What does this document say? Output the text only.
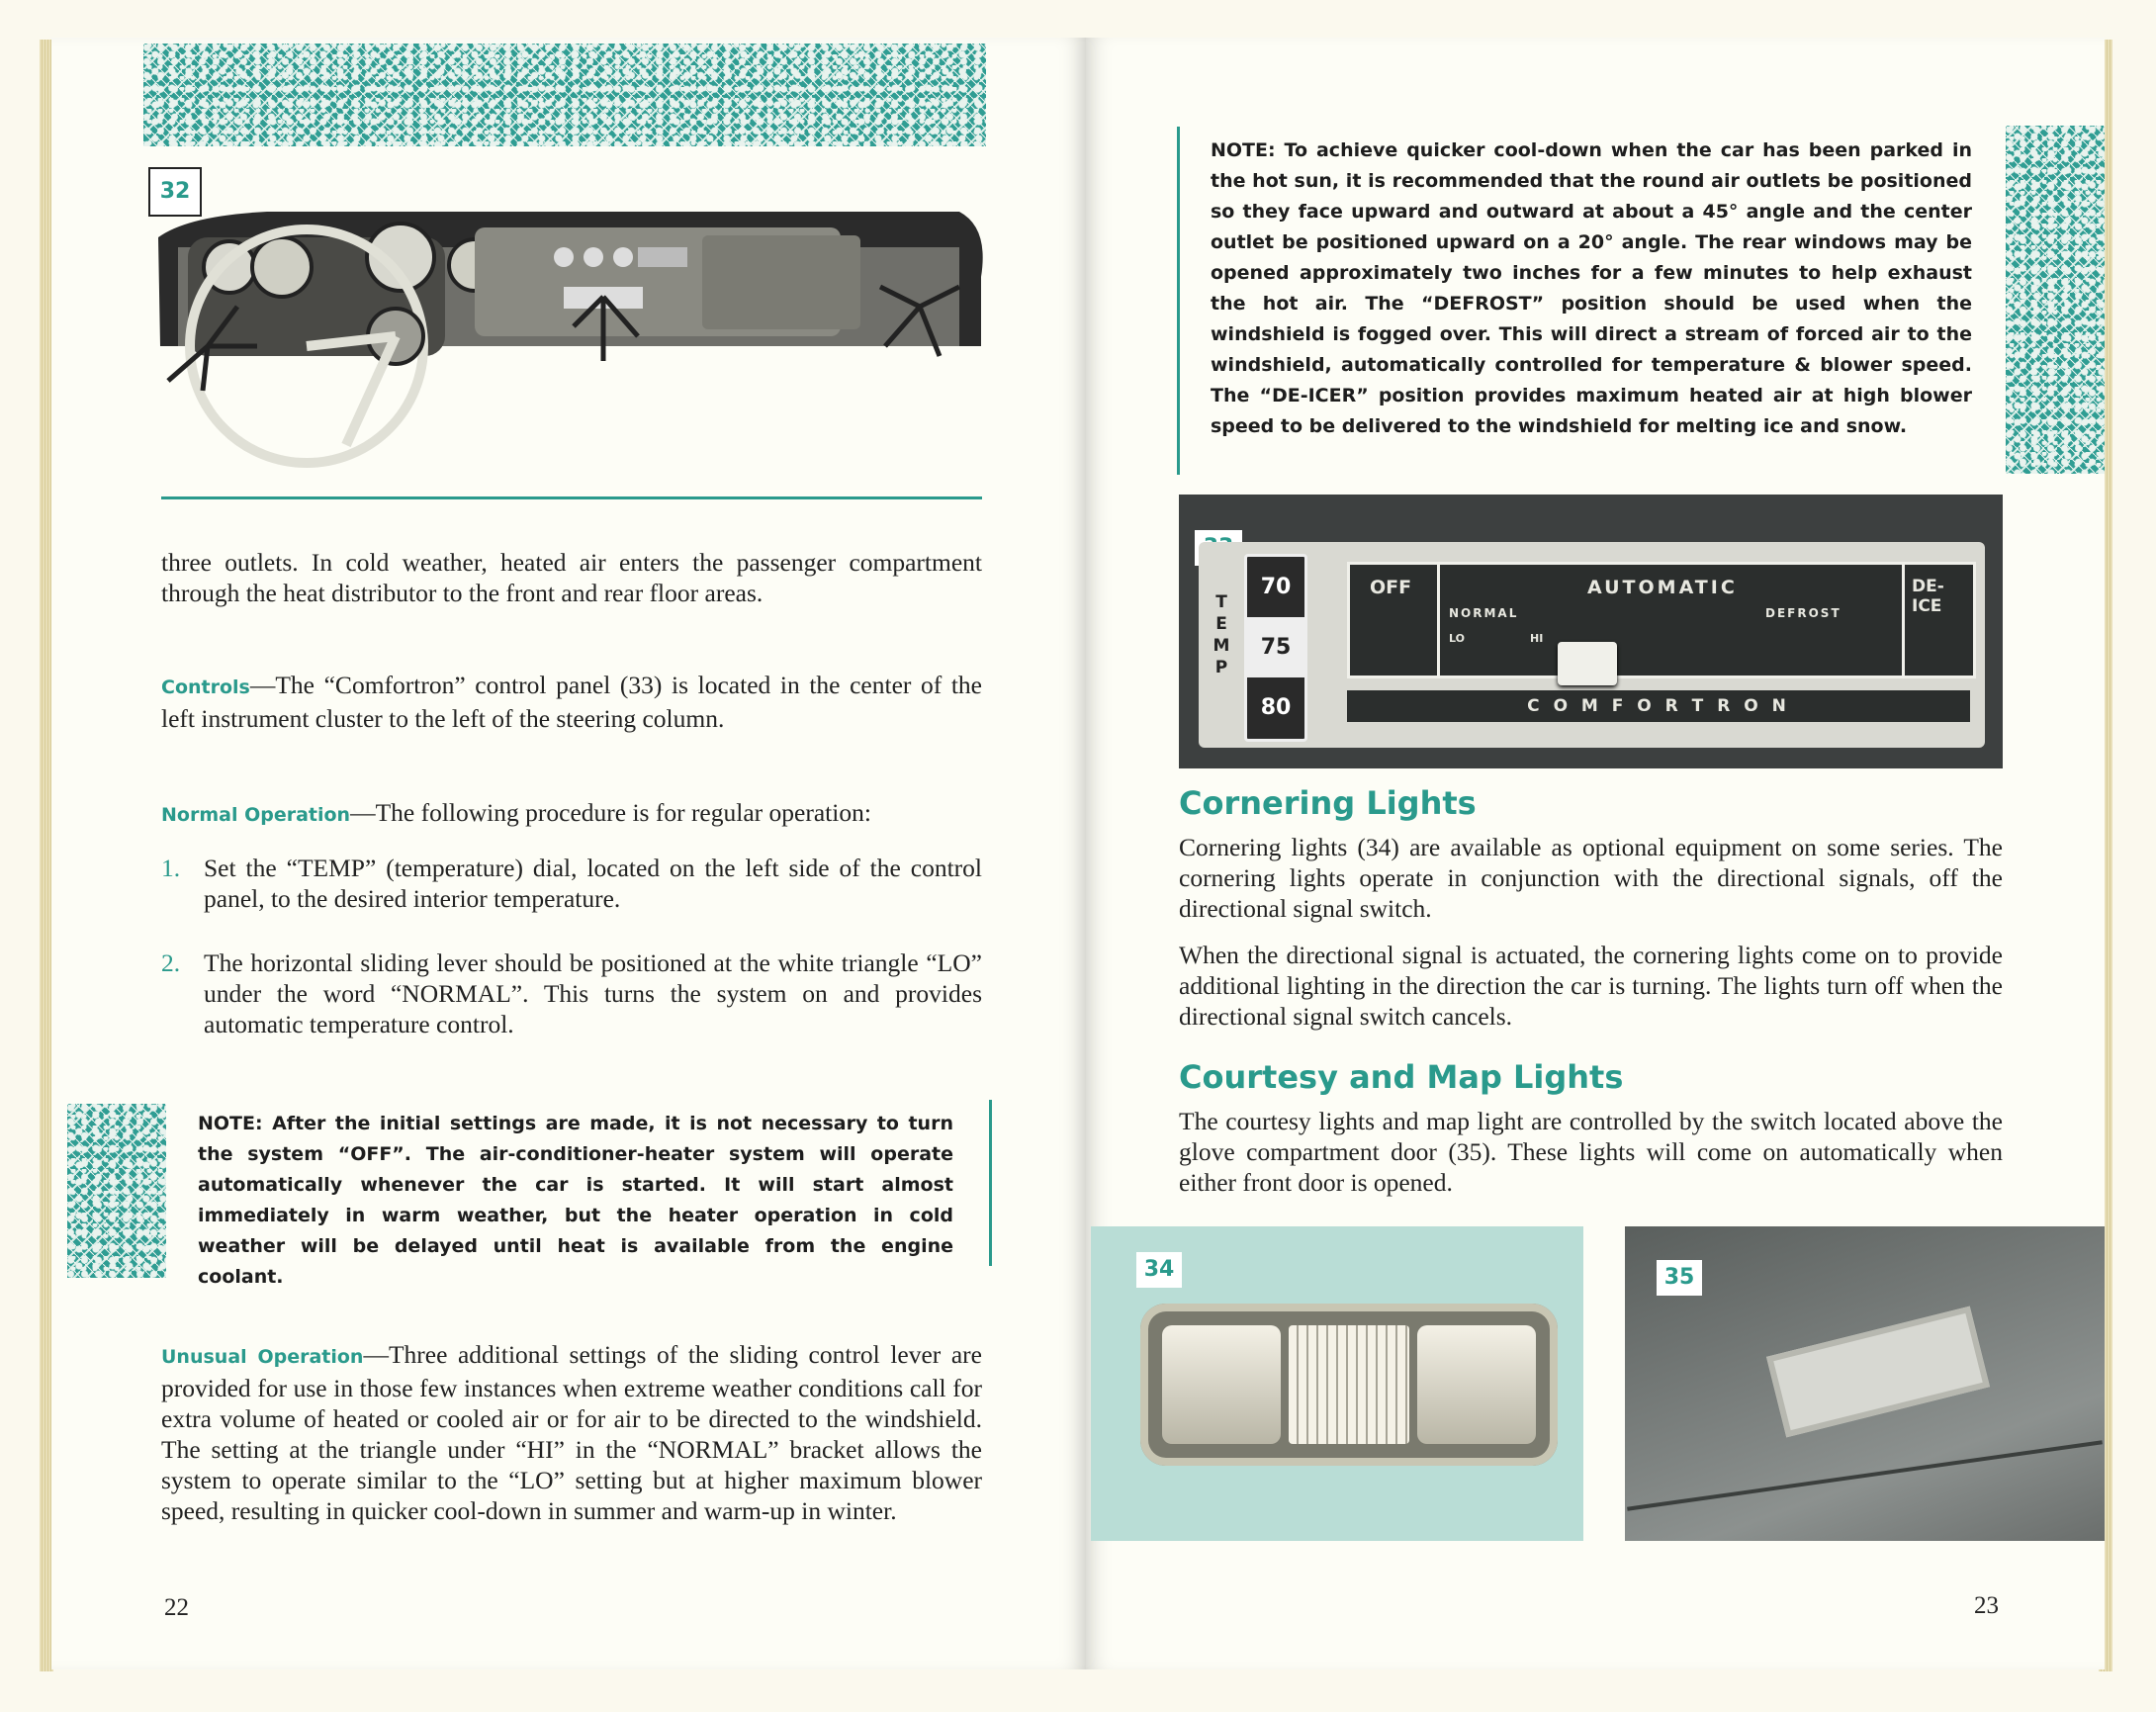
32
three outlets. In cold weather, heated air enters the passenger compartment through the heat distributor to the front and rear floor areas.
Controls—The “Comfortron” control panel (33) is located in the center of the left instrument cluster to the left of the steering column.
Normal Operation—The following procedure is for regular operation:
1. Set the “TEMP” (temperature) dial, located on the left side of the control panel, to the desired interior temperature.
2. The horizontal sliding lever should be positioned at the white triangle “LO” under the word “NORMAL”. This turns the system on and provides automatic temperature control.
NOTE: After the initial settings are made, it is not necessary to turn the system “OFF”. The air-conditioner-heater system will operate automatically whenever the car is started. It will start almost immediately in warm weather, but the heater operation in cold weather will be delayed until heat is available from the engine coolant.
Unusual Operation—Three additional settings of the sliding control lever are provided for use in those few instances when extreme weather conditions call for extra volume of heated or cooled air or for air to be directed to the windshield. The setting at the triangle under “HI” in the “NORMAL” bracket allows the system to operate similar to the “LO” setting but at higher maximum blower speed, resulting in quicker cool-down in summer and warm-up in winter.
22
NOTE: To achieve quicker cool-down when the car has been parked in the hot sun, it is recommended that the round air outlets be positioned so they face upward and outward at about a 45° angle and the center outlet be positioned upward on a 20° angle. The rear windows may be opened approximately two inches for a few minutes to help exhaust the hot air. The “DEFROST” position should be used when the windshield is fogged over. This will direct a stream of forced air to the windshield, automatically controlled for temperature & blower speed. The “DE-ICER” position provides maximum heated air at high blower speed to be delivered to the windshield for melting ice and snow.
T
E
M
P
70
75
80
OFF	AUTOMATIC
NORMAL	DEFROST
LO	HI
DE-ICE
C O M F O R T R O N
Cornering Lights
Cornering lights (34) are available as optional equipment on some series. The cornering lights operate in conjunction with the directional signals, off the directional signal switch.
When the directional signal is actuated, the cornering lights come on to provide additional lighting in the direction the car is turning. The lights turn off when the directional signal switch cancels.
Courtesy and Map Lights
The courtesy lights and map light are controlled by the switch located above the glove compartment door (35). These lights will come on automatically when either front door is opened.
34	35
23
